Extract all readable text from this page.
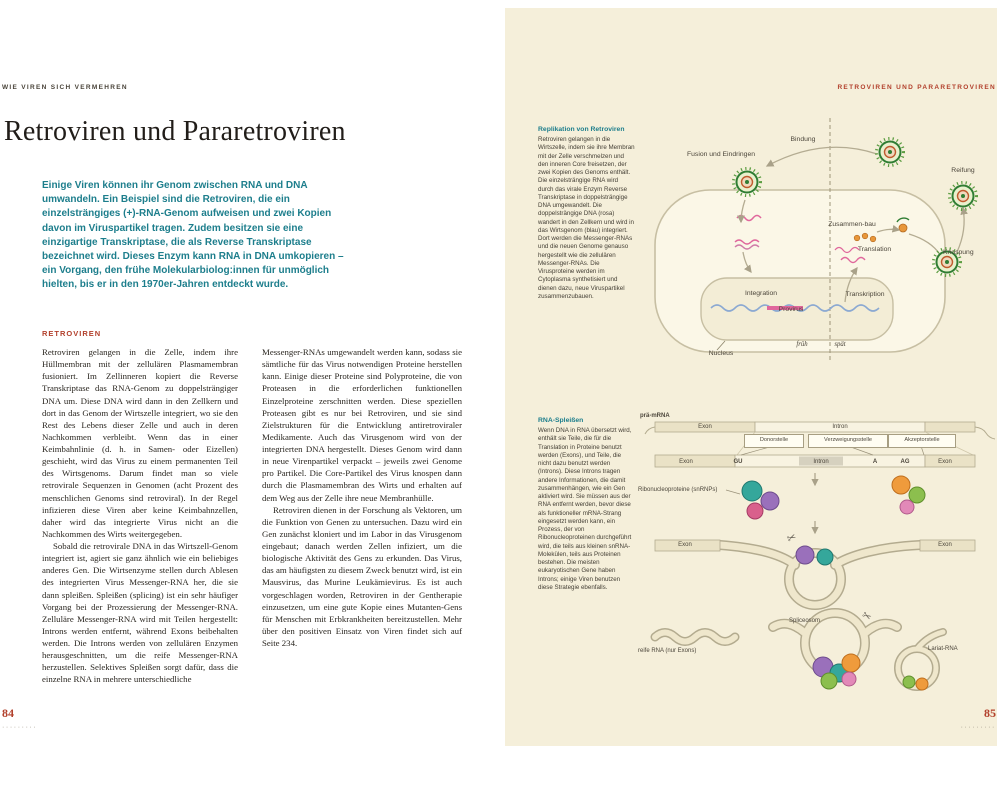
WIE VIREN SICH VERMEHREN
Retroviren und Pararetroviren

Einige Viren können ihr Genom zwischen RNA und DNA umwandeln. Ein Beispiel sind die Retroviren, die ein einzelsträngiges (+)-RNA-Genom aufweisen und zwei Kopien davon im Viruspartikel tragen. Zudem besitzen sie eine einzigartige Transkriptase, die als Reverse Transkriptase bezeichnet wird. Dieses Enzym kann RNA in DNA umkopieren – ein Vorgang, den frühe Molekularbiolog:innen für unmöglich hielten, bis er in den 1970er-Jahren entdeckt wurde.

RETROVIREN

Retroviren gelangen in die Zelle, indem ihre Hüllmembran mit der zellulären Plasmamembran fusioniert. Im Zellinneren kopiert die Reverse Transkriptase das RNA-Genom zu doppelsträngiger DNA um. Diese DNA wird dann in den Zellkern und dort in das Genom der Wirtszelle integriert, wo sie den Rest des Lebens dieser Zelle und auch in deren Nachkommen verbleibt. Wenn das in einer Keimbahnlinie (d. h. in Samen- oder Eizellen) geschieht, wird das Virus zu einem permanenten Teil des Wirtsgenoms. Darum findet man so viele retrovirale Sequenzen in Genomen (acht Prozent des menschlichen Genoms sind retroviral). In der Regel infizieren diese Viren aber keine Keimbahnzellen, daher wird das integrierte Virus nicht an die Nachkommen des Wirts weitergegeben.

Sobald die retrovirale DNA in das Wirtszell-Genom integriert ist, agiert sie ganz ähnlich wie ein beliebiges anderes Gen. Die Wirtsenzyme stellen durch Ablesen des integrierten Virus Messenger-RNA her, die sie dann spleißen. Spleißen (splicing) ist ein sehr häufiger Vorgang bei der Prozessierung der Messenger-RNA. Zelluläre Messenger-RNA wird mit Teilen hergestellt: Introns werden entfernt, während Exons beibehalten werden. Die Introns werden von zellulären Enzymen herausgeschnitten, um die reife Messenger-RNA herzustellen. Selektives Spleißen sorgt dafür, dass die einzelne RNA in mehrere unterschiedliche

Messenger-RNAs umgewandelt werden kann, sodass sie sämtliche für das Virus notwendigen Proteine herstellen kann. Einige dieser Proteine sind Polyproteine, die von Proteasen in die erforderlichen funktionellen Einzelproteine zerschnitten werden. Diese speziellen Proteasen gibt es nur bei Retroviren, und sie sind Zielstrukturen für die Entwicklung antiretroviraler Medikamente. Auch das Virusgenom wird von der integrierten DNA hergestellt. Dieses Genom wird dann in neue Virenpartikel verpackt – jeweils zwei Genome pro Partikel. Die Core-Partikel des Virus knospen dann durch die Plasmamembran des Wirts und erhalten auf dem Weg aus der Zelle ihre neue Membranhülle.

Retroviren dienen in der Forschung als Vektoren, um die Funktion von Genen zu untersuchen. Dazu wird ein Gen zunächst kloniert und im Labor in das Virusgenom eingebaut; danach werden Zellen infiziert, um die biologische Aktivität des Gens zu erkunden. Das Virus, das am häufigsten zu diesem Zweck benutzt wird, ist ein Mausvirus, das Murine Leukämievirus. Es ist auch vorgeschlagen worden, Retroviren in der Gentherapie einzusetzen, um eine gute Kopie eines Mutanten-Gens für Menschen mit Erbkrankheiten bereitzustellen. Mehr über den positiven Einsatz von Viren findet sich auf Seite 234.

84
·········
RETROVIREN UND PARARETROVIREN

Replikation von Retroviren

Retroviren gelangen in die Wirtszelle, indem sie ihre Membran mit der Zelle verschmelzen und den inneren Core freisetzen, der zwei Kopien des Genoms enthält. Die einzelsträngige RNA wird durch das virale Enzym Reverse Transkriptase in doppelsträngige DNA umgewandelt. Die doppelsträngige DNA (rosa) wandert in den Zellkern und wird in das Wirtsgenom (blau) integriert. Dort werden die Messenger-RNAs und die neuen Genome genauso hergestellt wie die zellulären Messenger-RNAs. Die Virusproteine werden im Cytoplasma synthetisiert und dienen dazu, neue Viruspartikel zusammenzubauen.

RNA-Spleißen

Wenn DNA in RNA übersetzt wird, enthält sie Teile, die für die Translation in Proteine benutzt werden (Exons), und Teile, die nicht dazu benutzt werden (Introns). Diese Introns tragen andere Informationen, die damit zusammenhängen, wie ein Gen aktiviert wird. Sie müssen aus der RNA entfernt werden, bevor diese als funktioneller mRNA-Strang eingesetzt werden kann, ein Prozess, der von Ribonucleoproteinen durchgeführt wird, die teils aus kleinen snRNA-Molekülen, teils aus Proteinen bestehen. Die meisten eukaryotischen Gene haben Introns; einige Viren benutzen diese Strategie ebenfalls.

Fusion und Eindringen
Bindung
Reifung
Zusammen-bau
Translation	Knospung
Integration
Provirus
Transkription
Nucleus
früh	spät
✂
✂
prä-mRNA
Exon	Intron
Donorstelle	Verzweigungsstelle	Akzeptorstelle
Exon	GU	Intron	A	AG	Exon
Ribonucleoproteine (snRNPs)
Exon	Exon
Spliceosom
reife RNA (nur Exons)	Lariat-RNA
85
·········
